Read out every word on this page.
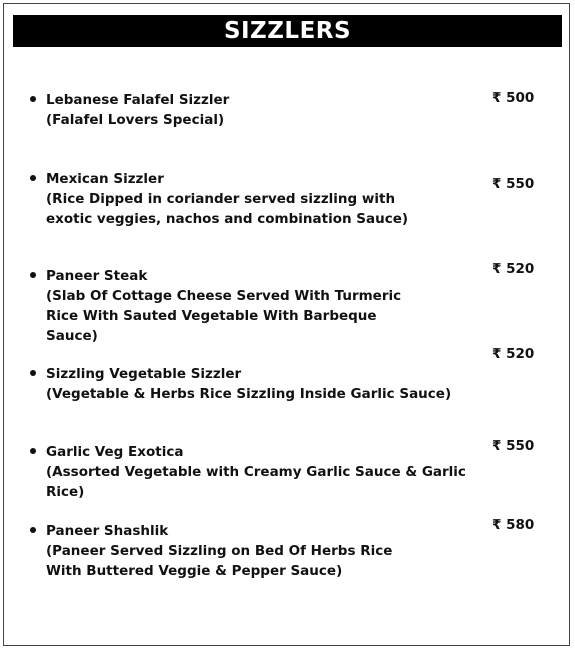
SIZZLERS
Lebanese Falafel Sizzler
(Falafel Lovers Special)
₹ 500
Mexican Sizzler
(Rice Dipped in coriander served sizzling with exotic veggies, nachos and combination Sauce)
₹ 550
Paneer Steak
(Slab Of Cottage Cheese Served With Turmeric Rice With Sauted Vegetable With Barbeque Sauce)
₹ 520
Sizzling Vegetable Sizzler
(Vegetable & Herbs Rice Sizzling Inside Garlic Sauce)
₹ 520
Garlic Veg Exotica
(Assorted Vegetable with Creamy Garlic Sauce & Garlic Rice)
₹ 550
Paneer Shashlik
(Paneer Served Sizzling on Bed Of Herbs Rice With Buttered Veggie & Pepper Sauce)
₹ 580
